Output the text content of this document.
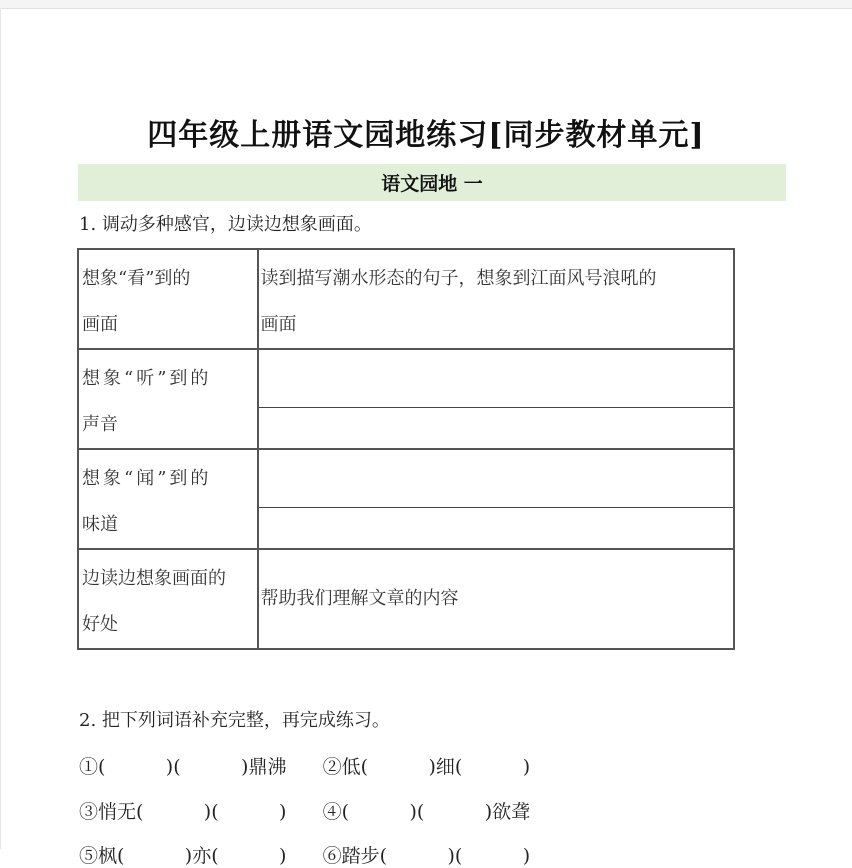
四年级上册语文园地练习[同步教材单元]
语文园地 一
1. 调动多种感官，边读边想象画面。
想象“看”到的
画面	读到描写潮水形态的句子，想象到江面风号浪吼的
画面

想象“听”到的
声音	

想象“闻”到的
味道	

边读边想象画面的
好处	帮助我们理解文章的内容
2. 把下列词语补充完整，再完成练习。
①(          )(          )鼎沸      ②低(          )细(          )
③悄无(          )(          )      ④(          )(          )欲聋
⑤枫(          )亦(          )      ⑥踏步(          )(          )
